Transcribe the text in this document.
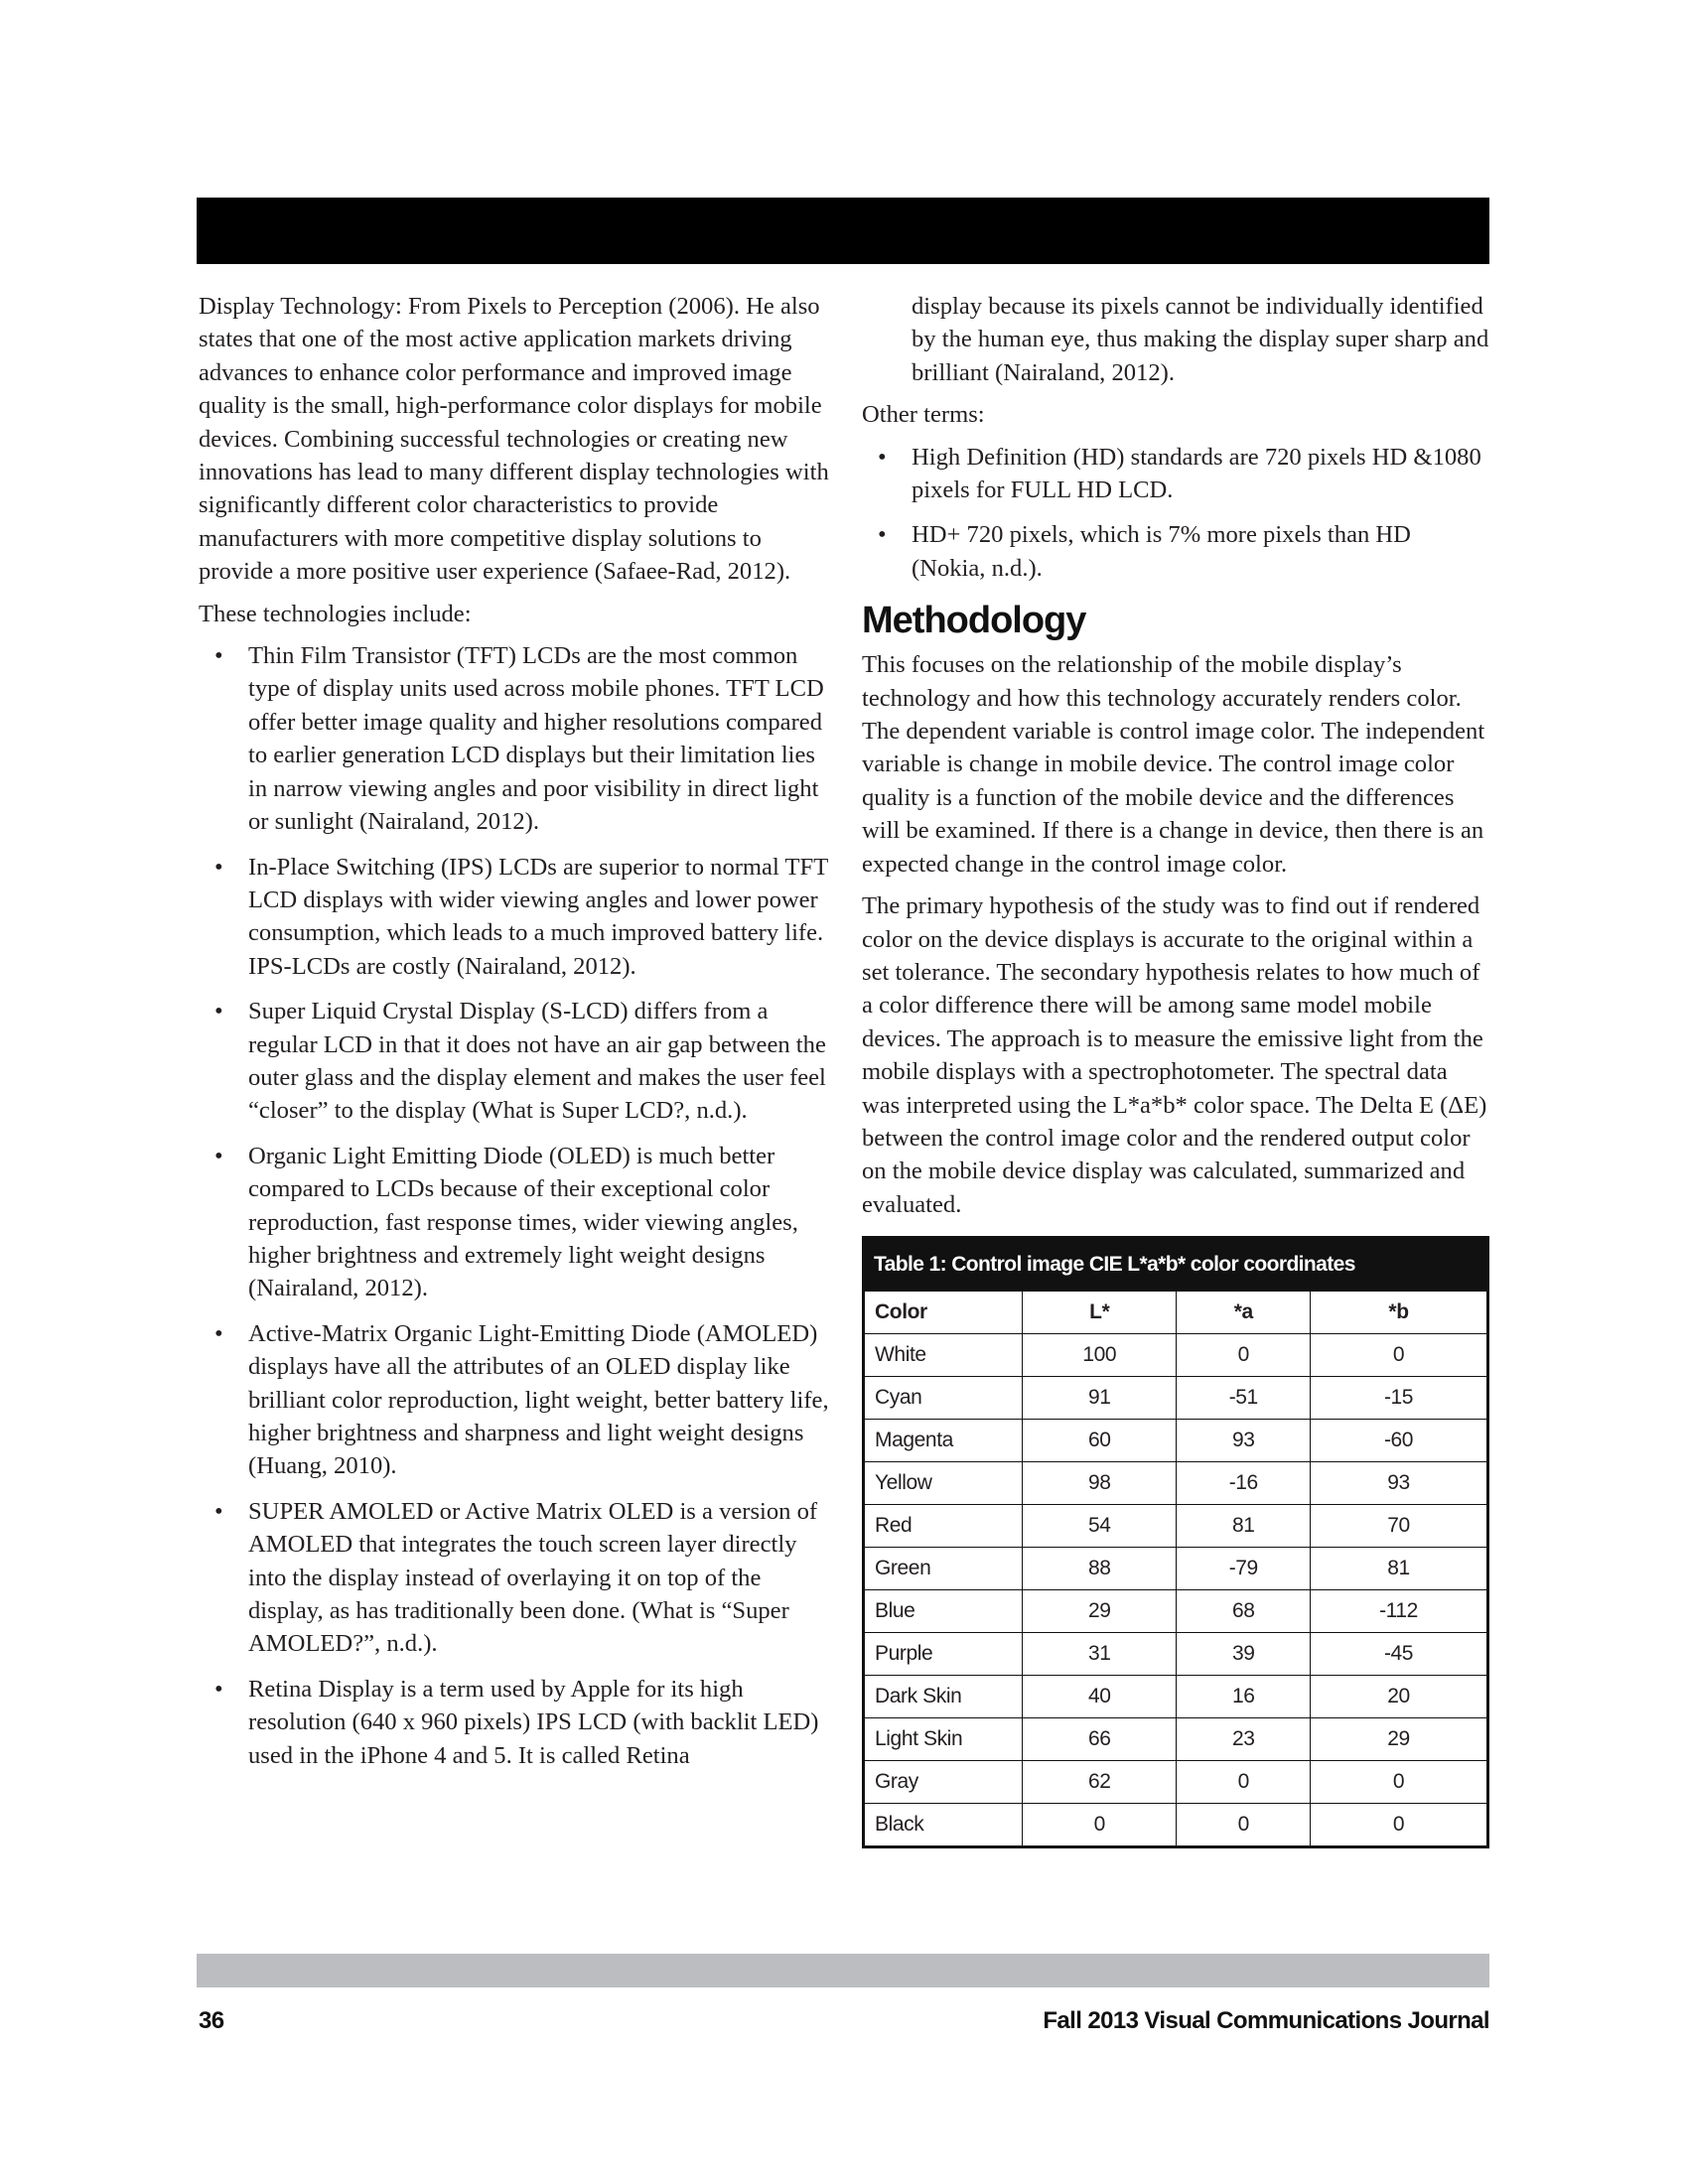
Display Technology: From Pixels to Perception (2006). He also states that one of the most active application markets driving advances to enhance color performance and improved image quality is the small, high-performance color displays for mobile devices. Combining successful technologies or creating new innovations has lead to many different display technologies with significantly different color characteristics to provide manufacturers with more competitive display solutions to provide a more positive user experience (Safaee-Rad, 2012).

These technologies include:

• Thin Film Transistor (TFT) LCDs are the most common type of display units used across mobile phones. TFT LCD offer better image quality and higher resolutions compared to earlier generation LCD displays but their limitation lies in narrow viewing angles and poor visibility in direct light or sunlight (Nairaland, 2012).
• In-Place Switching (IPS) LCDs are superior to normal TFT LCD displays with wider viewing angles and lower power consumption, which leads to a much improved battery life. IPS-LCDs are costly (Nairaland, 2012).
• Super Liquid Crystal Display (S-LCD) differs from a regular LCD in that it does not have an air gap between the outer glass and the display element and makes the user feel “closer” to the display (What is Super LCD?, n.d.).
• Organic Light Emitting Diode (OLED) is much better compared to LCDs because of their exceptional color reproduction, fast response times, wider viewing angles, higher brightness and extremely light weight designs (Nairaland, 2012).
• Active-Matrix Organic Light-Emitting Diode (AMOLED) displays have all the attributes of an OLED display like brilliant color reproduction, light weight, better battery life, higher brightness and sharpness and light weight designs (Huang, 2010).
• SUPER AMOLED or Active Matrix OLED is a version of AMOLED that integrates the touch screen layer directly into the display instead of overlaying it on top of the display, as has traditionally been done. (What is “Super AMOLED?”, n.d.).
• Retina Display is a term used by Apple for its high resolution (640 x 960 pixels) IPS LCD (with backlit LED) used in the iPhone 4 and 5. It is called Retina

display because its pixels cannot be individually identified by the human eye, thus making the display super sharp and brilliant (Nairaland, 2012).

Other terms:

• High Definition (HD) standards are 720 pixels HD &1080 pixels for FULL HD LCD.
• HD+ 720 pixels, which is 7% more pixels than HD (Nokia, n.d.).
Methodology

This focuses on the relationship of the mobile display’s technology and how this technology accurately renders color. The dependent variable is control image color. The independent variable is change in mobile device. The control image color quality is a function of the mobile device and the differences will be examined. If there is a change in device, then there is an expected change in the control image color.

The primary hypothesis of the study was to find out if rendered color on the device displays is accurate to the original within a set tolerance. The secondary hypothesis relates to how much of a color difference there will be among same model mobile devices. The approach is to measure the emissive light from the mobile displays with a spectrophotometer. The spectral data was interpreted using the L*a*b* color space. The Delta E (ΔE) between the control image color and the rendered output color on the mobile device display was calculated, summarized and evaluated.

Table 1: Control image CIE L*a*b* color coordinates
Color	L*	*a	*b
White	100	0	0
Cyan	91	-51	-15
Magenta	60	93	-60
Yellow	98	-16	93
Red	54	81	70
Green	88	-79	81
Blue	29	68	-112
Purple	31	39	-45
Dark Skin	40	16	20
Light Skin	66	23	29
Gray	62	0	0
Black	0	0	0
36	Fall 2013 Visual Communications Journal
